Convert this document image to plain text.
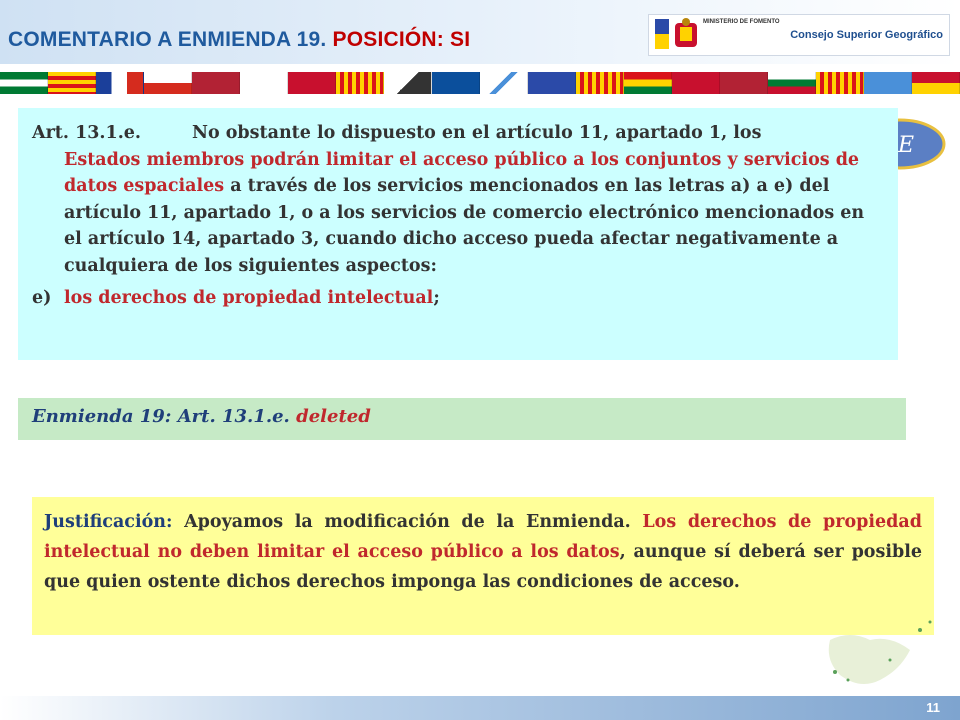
COMENTARIO A ENMIENDA 19. POSICIÓN: SI
MINISTERIO DE FOMENTO
Consejo Superior Geográfico
E
Art. 13.1.e.	No obstante lo dispuesto en el artículo 11, apartado 1, los
Estados miembros podrán limitar el acceso público a los conjuntos y servicios de datos espaciales a través de los servicios mencionados en las letras a) a e) del artículo 11, apartado 1, o a los servicios de comercio electrónico mencionados en el artículo 14, apartado 3, cuando dicho acceso pueda afectar negativamente a cualquiera de los siguientes aspectos:
e) los derechos de propiedad intelectual;
Enmienda 19: Art. 13.1.e. deleted
Justificación: Apoyamos la modificación de la Enmienda. Los derechos de propiedad intelectual no deben limitar el acceso público a los datos, aunque sí deberá ser posible que quien ostente dichos derechos imponga las condiciones de acceso.
11
